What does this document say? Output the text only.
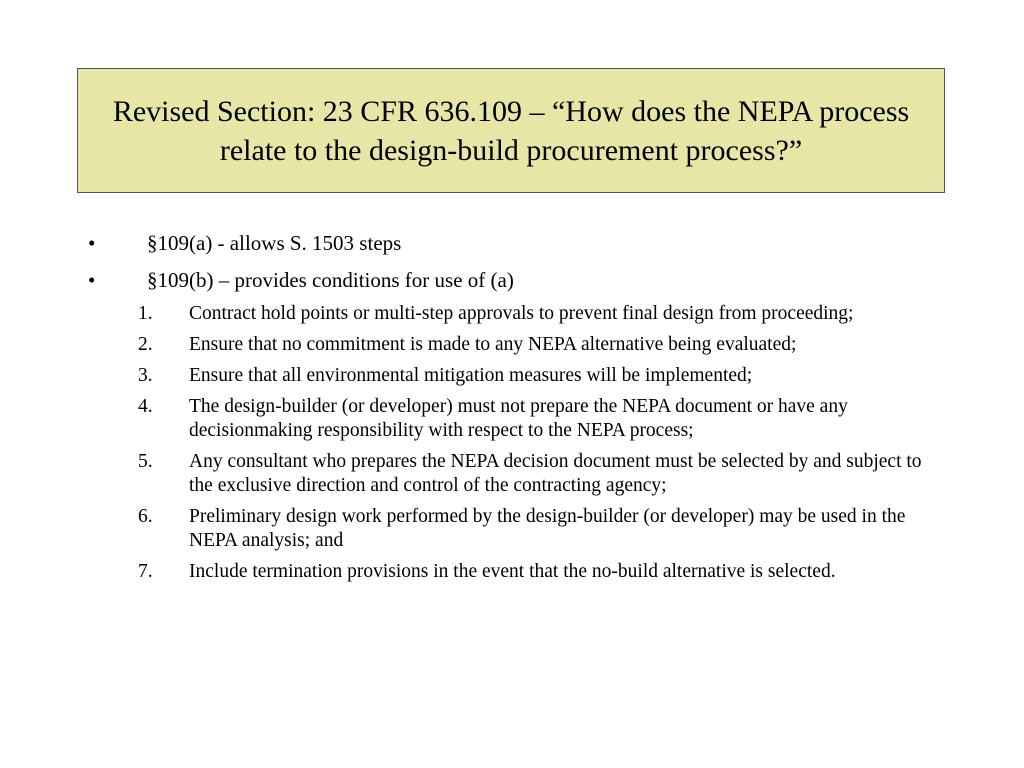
Revised Section: 23 CFR 636.109 – “How does the NEPA process relate to the design-build procurement process?”
• §109(a) - allows S. 1503 steps
• §109(b) – provides conditions for use of (a)
1. Contract hold points or multi-step approvals to prevent final design from proceeding;
2. Ensure that no commitment is made to any NEPA alternative being evaluated;
3. Ensure that all environmental mitigation measures will be implemented;
4. The design-builder (or developer) must not prepare the NEPA document or have any decisionmaking responsibility with respect to the NEPA process;
5. Any consultant who prepares the NEPA decision document must be selected by and subject to the exclusive direction and control of the contracting agency;
6. Preliminary design work performed by the design-builder (or developer) may be used in the NEPA analysis; and
7. Include termination provisions in the event that the no-build alternative is selected.
